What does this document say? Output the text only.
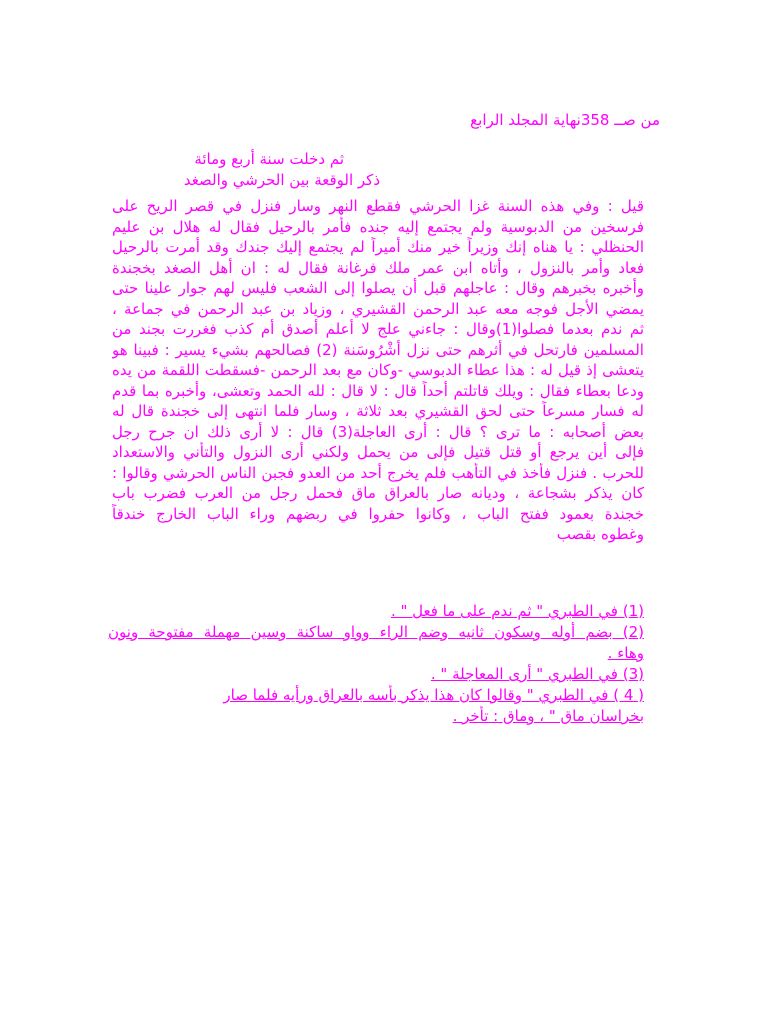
من صــ 358نهاية المجلد الرابع
ثم دخلت سنة أربع ومائة
ذكر الوقعة بين الحرشي والصغد
قيل : وفي هذه السنة غزا الحرشي فقطع النهر وسار فنزل في قصر الريح على
فرسخين من الدبوسية ولم يجتمع إليه جنده فأمر بالرحيل فقال له هلال بن عليم
الحنظلي : يا هناه إنك وزيراً خير منك أميراً لم يجتمع إليك جندك وقد أمرت بالرحيل
فعاد وأمر بالنزول ، وأتاه ابن عمر ملك فرغانة فقال له : ان أهل الصغد بخجندة
وأخبره بخبرهم وقال : عاجلهم قبل أن يصلوا إلى الشعب فليس لهم جوار علينا حتى
يمضي الأجل فوجه معه عبد الرحمن القشيري ، وزياد بن عبد الرحمن في جماعة ،
ثم ندم بعدما فصلوا(1)وقال : جاءني علج لا أعلم أصدق أم كذب فغررت بجند من
المسلمين فارتحل في أثرهم حتى نزل أشْرُوسَنة (2) فصالحهم بشيء يسير : فبينا هو
يتعشى إذ قيل له : هذا عطاء الدبوسي -وكان مع بعد الرحمن -فسقطت اللقمة من يده
ودعا بعطاء فقال : ويلك قاتلتم أحداً قال : لا قال : لله الحمد وتعشى، وأخبره بما قدم
له فسار مسرعاً حتى لحق القشيري بعد ثلاثة ، وسار فلما انتهى إلى خجندة قال له
بعض أصحابه : ما ترى ؟ قال : أرى العاجلة(3) قال : لا أرى ذلك ان جرح رجل
فإلى أين يرجع أو قتل قتيل فإلى من يحمل ولكني أرى النزول والتأني والاستعداد
للحرب . فنزل فأخذ في التأهب فلم يخرج أحد من العدو فجبن الناس الحرشي وقالوا :
كان يذكر بشجاعة ، وديانه صار بالعراق ماق فحمل رجل من العرب فضرب باب
خجندة بعمود ففتح الباب ، وكانوا حفروا في ربضهم وراء الباب الخارج خندقاً
وغطوه بقصب
(1) في الطبري " ثم ندم على ما فعل " .
(2) بضم أوله وسكون ثانيه وضم الراء وواو ساكنة وسين مهملة مفتوحة ونون
وهاء .
(3) في الطبري " أرى المعاجلة " .
( 4 ) في الطبري " وقالوا كان هذا يذكر بأسه بالعراق ورأيه فلما صار
بخراسان ماق " ، وماق : تأخر .
